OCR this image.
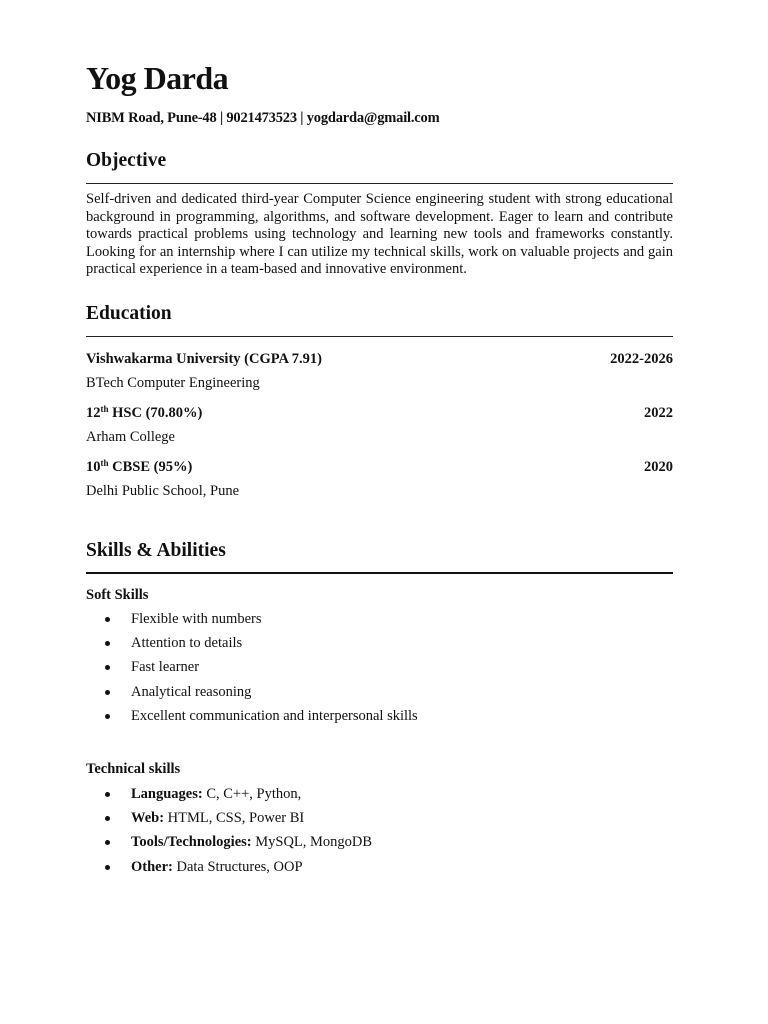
Yog Darda
NIBM Road, Pune-48 | 9021473523 | yogdarda@gmail.com
Objective
Self-driven and dedicated third-year Computer Science engineering student with strong educational background in programming, algorithms, and software development. Eager to learn and contribute towards practical problems using technology and learning new tools and frameworks constantly. Looking for an internship where I can utilize my technical skills, work on valuable projects and gain practical experience in a team-based and innovative environment.
Education
Vishwakarma University (CGPA 7.91)	2022-2026
BTech Computer Engineering
12th HSC (70.80%)	2022
Arham College
10th CBSE (95%)	2020
Delhi Public School, Pune
Skills & Abilities
Soft Skills
Flexible with numbers
Attention to details
Fast learner
Analytical reasoning
Excellent communication and interpersonal skills
Technical skills
Languages: C, C++, Python,
Web: HTML, CSS, Power BI
Tools/Technologies: MySQL, MongoDB
Other: Data Structures, OOP
